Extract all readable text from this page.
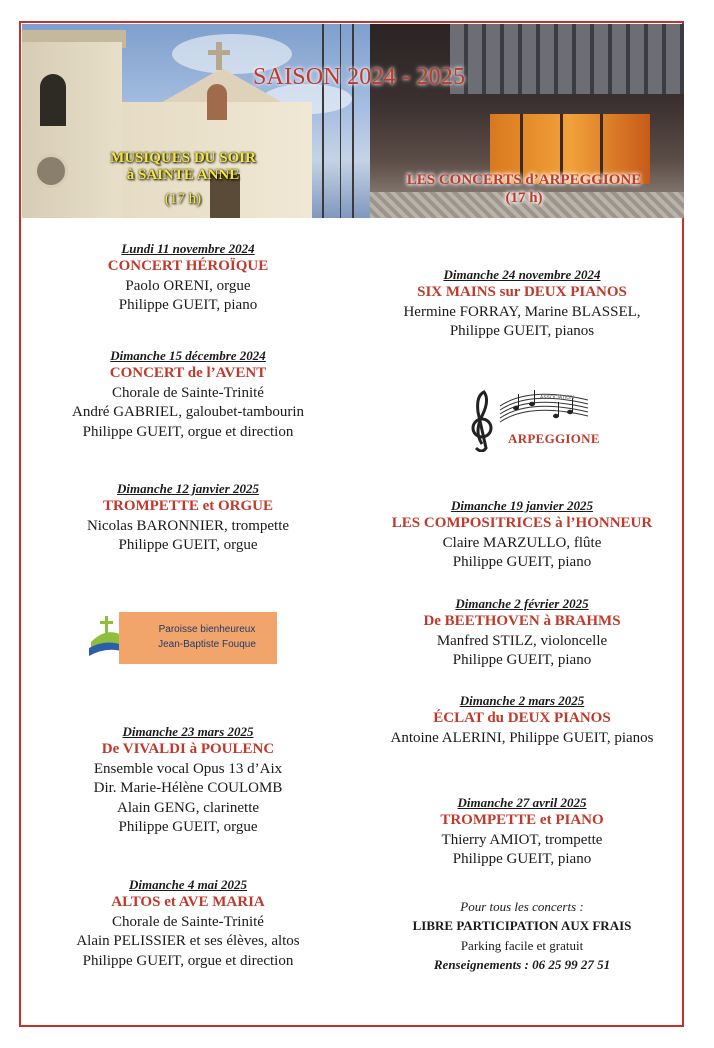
SAISON 2024 - 2025
MUSIQUES DU SOIR
à SAINTE ANNE
(17 h)
LES CONCERTS d’ARPEGGIONE
(17 h)
Lundi 11 novembre 2024
CONCERT HÉROÏQUE
Paolo ORENI, orgue
Philippe GUEIT, piano
Dimanche 15 décembre 2024
CONCERT de l’AVENT
Chorale de Sainte-Trinité
André GABRIEL, galoubet-tambourin
Philippe GUEIT, orgue et direction
Dimanche 12 janvier 2025
TROMPETTE et ORGUE
Nicolas BARONNIER, trompette
Philippe GUEIT, orgue
Paroisse bienheureux
Jean-Baptiste Fouque
Dimanche 23 mars 2025
De VIVALDI à POULENC
Ensemble vocal Opus 13 d’Aix
Dir. Marie-Hélène COULOMB
Alain GENG, clarinette
Philippe GUEIT, orgue
Dimanche 4 mai 2025
ALTOS et AVE MARIA
Chorale de Sainte-Trinité
Alain PELISSIER et ses élèves, altos
Philippe GUEIT, orgue et direction
Dimanche 24 novembre 2024
SIX MAINS sur DEUX PIANOS
Hermine FORRAY, Marine BLASSEL,
Philippe GUEIT, pianos
ASSOCIATION
ARPEGGIONE
Dimanche 19 janvier 2025
LES COMPOSITRICES à l’HONNEUR
Claire MARZULLO, flûte
Philippe GUEIT, piano
Dimanche 2 février 2025
De BEETHOVEN à BRAHMS
Manfred STILZ, violoncelle
Philippe GUEIT, piano
Dimanche 2 mars 2025
ÉCLAT du DEUX PIANOS
Antoine ALERINI, Philippe GUEIT, pianos
Dimanche 27 avril 2025
TROMPETTE et PIANO
Thierry AMIOT, trompette
Philippe GUEIT, piano
Pour tous les concerts :
LIBRE PARTICIPATION AUX FRAIS
Parking facile et gratuit
Renseignements : 06 25 99 27 51
